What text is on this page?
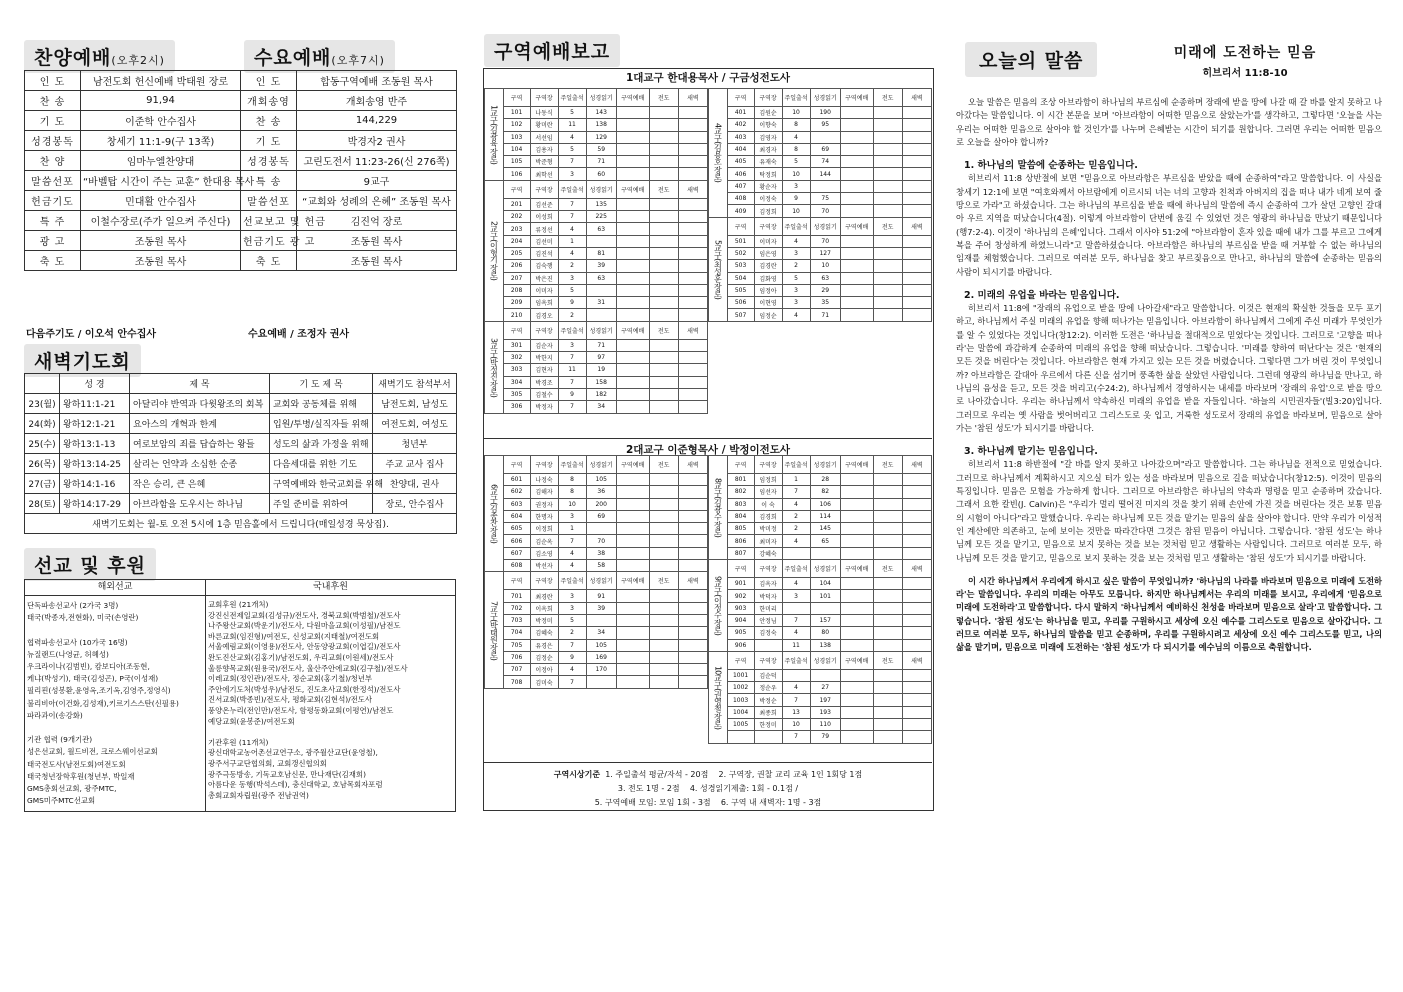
찬양예배(오후2시)	수요예배(오후7시)
인 도	남전도회 헌신예배 박태원 장로	인 도	합동구역예배 조동원 목사
찬 송	91,94	개회송영	개회송영 반주
기 도	이준학 안수집사	찬 송	144,229
성경봉독	창세기 11:1-9(구 13쪽)	기 도	박경자2 권사
찬 양	임마누엘찬양대	성경봉독	고린도전서 11:23-26(신 276쪽)
말씀선포	“바벨탑 시간이 주는 교훈” 한대용 목사	특 송	9교구
헌금기도	민대활 안수집사	말씀선포	“교회와 성례의 은혜” 조동원 목사
특 주	이철수장로(주가 일으켜 주신다)	선교보고 및 헌금	김진억 장로
광 고	조동원 목사	헌금기도 광 고	조동원 목사
축 도	조동원 목사	축 도	조동원 목사
다음주기도 / 이오석 안수집사	수요예배 / 조정자 권사
새벽기도회
	성 경	제 목	기 도 제 목	새벽기도 참석부서
23(월)	왕하11:1-21	아달리야 반역과 다윗왕조의 회복	교회와 공동체를 위해	남전도회, 남성도
24(화)	왕하12:1-21	요아스의 개혁과 한계	입원/투병/실직자들 위해	여전도회, 여성도
25(수)	왕하13:1-13	여로보암의 죄를 답습하는 왕들	성도의 삶과 가정을 위해	청년부
26(목)	왕하13:14-25	살리는 언약과 소심한 순종	다음세대를 위한 기도	주교 교사 집사
27(금)	왕하14:1-16	작은 승리, 큰 은혜	구역예배와 한국교회를 위해	찬양대, 권사
28(토)	왕하14:17-29	아브라함을 도우시는 하나님	주일 준비를 위하여	장로, 안수집사
새벽기도회는 월-토 오전 5시에 1층 믿음홀에서 드립니다(매일성경 묵상집).				
선교 및 후원
해외선교	국내후원
단독파송선교사 (2가국 3명)
태국(박종자,전현화), 미국(손영란)

협력파송선교사 (10가국 16명)
뉴질랜드(나영균, 허혜성)
우크라이나(김범빈), 캄보디아(조동현,
케냐(박성기), 태국(김성곤), P국(이성재)
필리핀(성봉환,윤영옥,조기옥,김영주,정영식)
불리비아(이건화,김성재),키르기스스탄(신필용)
파라과이(송강화)

기관 협력 (9개기관)
성은선교회, 월드비전, 크로스웨이선교회
태국전도사(남전도회)여전도회
태국청년장학후원(청년부, 박일재
GMS총회선교회, 광주MTC,
GMS미주MTC선교회
교회후원 (21개처)
강진신전제일교회(김성규)/전도사, 경북교회(박범철)/전도사
나주왕산교회(박운기)/전도사, 다원마을교회(이성필)/남전도
바른교회(임진형)/여전도, 신성교회(지태철)/여전도회
서울예림교회(이영용)/전도사, 안동양광교회(이엽길)/전도사
완도진산교회(김홍기)/남전도회, 우리교회(이원세)/전도사
울릉향목교회(원용국)/전도사, 울산주안에교회(김구철)/전도사
이레교회(정인관)/전도사, 정순교회(홍기철)/청년부
주안에기도처(박성우)/남전도, 진도초사교회(한정석)/전도사
진서교회(박종빈)/전도사, 평화교회(김현석)/전도사
풍양온누리(전인만)/전도사, 함평동화교회(이평연)/남전도
예당교회(윤봉준)/여전도회

기관후원 (11개처)
광신대학교농어촌선교연구소, 광주월산교단(윤영철),
광주서구교단협의회, 교회갱신협의회
광주극동방송, 기독교호남신문, 만나재단(김재희)
아름다운 동행(박석스데), 충신대학교, 호남목회자포럼
총회교회자립원(광주 전남권역)
구역예배보고
1대교구 한대용목사 / 구금성전도사
1교구(김광육 장로)	구역	구역장	주일출석	성경읽기	구역예배	전도	새벽
	101	나동식	5	143			
	102	황미란	11	138			
	103	서선임	4	129			
	104	김용자	5	59			
	105	박준형	7	71			
	106	최학선	3	60			
2교구(이형기 장로)	구역	구역장	주일출석	성경읽기	구역예배	전도	새벽
	201	김선준	7	135			
	202	이성희	7	225			
	203	류정선	4	63			
	204	김선미	1				
	205	김진석	4	81			
	206	김숙행	2	39			
	207	박은진	3	63			
	208	이미자	5				
	209	임옥희	9	31			
	210	김경오	2				
3교구(박정진 장로)	구역	구역장	주일출석	성경읽기	구역예배	전도	새벽
	301	김순자	3	71			
	302	박한지	7	97			
	303	김현자	11	19			
	304	박경조	7	158			
	305	김철수	9	182			
	306	박정자	7	34			
4교구(김용호 장로)	구역	구역장	주일출석	성경읽기	구역예배	전도	새벽
	401	김원순	10	190			
	402	이향숙	8	95			
	403	김영자	4				
	404	최경자	8	69			
	405	유재숙	5	74			
	406	탁정희	10	144			
	407	황순자	3				
	408	이정숙	9	75			
	409	김정희	10	70			
5교구(최성훈 장로)	구역	구역장	주일출석	성경읽기	구역예배	전도	새벽
	501	이미자	4	70			
	502	임은영	3	127			
	503	김경란	2	10			
	504	김화영	5	63			
	505	임정아	3	29			
	506	이현영	3	35			
	507	임정순	4	71			
2대교구 이준형목사 / 박정이전도사
6교구(김종찬 장로)	구역	구역장	주일출석	성경읽기	구역예배	전도	새벽
	601	나정숙	8	105			
	602	김해자	8	36			
	603	권정자	10	200			
	604	한명자	3	69			
	605	이정희	1				
	606	김순옥	7	70			
	607	김소영	4	38			
	608	박선자	4	58			
7교구(박태원 장로)	구역	구역장	주일출석	성경읽기	구역예배	전도	새벽
	701	최경란	3	91			
	702	이옥희	3	39			
	703	박정미	5				
	704	김혜숙	2	34			
	705	유경은	7	105			
	706	김정순	9	169			
	707	이정아	4	170			
	708	김미숙	7				
8교구(김광수 장로)	구역	구역장	주일출석	성경읽기	구역예배	전도	새벽
	801	임정희	1	28			
	802	임선자	7	82			
	803	이 숙	4	106			
	804	김경희	2	114			
	805	박미정	2	145			
	806	최미자	4	65			
	807	강혜숙					
9교구(이정수 장로)	구역	구역장	주일출석	성경읽기	구역예배	전도	새벽
	901	김옥자	4	104			
	902	박덕자	3	101			
	903	한미리					
	904	안정님	7	157			
	905	김정숙	4	80			
	906		11	138			
10교구(권영철 장로)	구역	구역장	주일출석	성경읽기	구역예배	전도	새벽
	1001	김순덕					
	1002	정순우	4	27			
	1003	박정순	7	197			
	1004	최종희	13	193			
	1005	한정미	10	110			
			7	79			
구역시상기준 1. 주일출석 평균/자석 - 20점 2. 구역장, 권찰 교리 교육 1인 1회당 1점
3. 전도 1명 - 2점 4. 성경읽기제출: 1회 - 0.1점 /
5. 구역예배 모임: 모임 1회 - 3점 6. 구역 내 새벽자: 1명 - 3점
오늘의 말씀	미래에 도전하는 믿음
히브리서 11:8-10

오늘 말씀은 믿음의 조상 아브라함이 하나님의 부르심에 순종하며 장래에 받을 땅에 나갈 때 갈 바를 알지 못하고 나아갔다는 말씀입니다. 이 시간 본문을 보며 '아브라함이 어떠한 믿음으로 살았는가'를 생각하고, 그렇다면 '오늘을 사는 우리는 어떠한 믿음으로 살아야 할 것인가'를 나누며 은혜받는 시간이 되기를 원합니다. 그러면 우리는 어떠한 믿음으로 오늘을 살아야 합니까?

1. 하나님의 말씀에 순종하는 믿음입니다.

히브리서 11:8 상반절에 보면 "믿음으로 아브라함은 부르심을 받았을 때에 순종하여"라고 말씀합니다. 이 사실을 창세기 12:1에 보면 "여호와께서 아브람에게 이르시되 너는 너의 고향과 친척과 아버지의 집을 떠나 내가 네게 보여 줄 땅으로 가라"고 하셨습니다. 그는 하나님의 부르심을 받을 때에 하나님의 말씀에 즉시 순종하여 그가 살던 고향인 갈대아 우르 지역을 떠났습니다(4절). 이렇게 아브라함이 단번에 움길 수 있었던 것은 영광의 하나님을 만났기 때문입니다(행7:2-4). 이것이 '하나님의 은혜'입니다. 그래서 이사야 51:2에 "아브라함이 혼자 있을 때에 내가 그를 부르고 그에게 복을 주어 창성하게 하였느니라"고 말씀하셨습니다. 아브라함은 하나님의 부르심을 받을 때 거부할 수 없는 하나님의 임재를 체험했습니다. 그러므로 여러분 모두, 하나님을 찾고 부르짖음으로 만나고, 하나님의 말씀에 순종하는 믿음의 사람이 되시기를 바랍니다.

2. 미래의 유업을 바라는 믿음입니다.

히브리서 11:8에 "장래의 유업으로 받을 땅에 나아갈새"라고 말씀합니다. 이것은 현재의 확실한 것들을 모두 포기하고, 하나님께서 주실 미래의 유업을 향해 떠나가는 믿음입니다. 아브라함이 하나님께서 그에게 주신 미래가 무엇인가를 알 수 있었다는 것입니다(창12:2). 이러한 도전은 '하나님을 절대적으로 믿었다'는 것입니다. 그러므로 '고향을 떠나라'는 말씀에 과감하게 순종하여 미래의 유업을 향해 떠났습니다. 그렇습니다. '미래를 향하여 떠난다'는 것은 '현재의 모든 것을 버린다'는 것입니다. 아브라함은 현재 가지고 있는 모든 것을 버렸습니다. 그렇다면 그가 버린 것이 무엇입니까? 아브라함은 갈대아 우르에서 다른 신을 섬기며 풍족한 삶을 살았던 사람입니다. 그런데 영광의 하나님을 만나고, 하나님의 음성을 듣고, 모든 것을 버리고(수24:2), 하나님께서 경영하시는 내세를 바라보며 '장래의 유업'으로 받을 땅으로 나아갔습니다. 우리는 하나님께서 약속하신 미래의 유업을 받을 자들입니다. '하늘의 시민권자들'(빌3:20)입니다. 그러므로 우리는 옛 사람을 벗어버리고 그리스도로 옷 입고, 거룩한 성도로서 장래의 유업을 바라보며, 믿음으로 살아가는 '참된 성도'가 되시기를 바랍니다.

3. 하나님께 맡기는 믿음입니다.

히브리서 11:8 하반절에 "갈 바를 알지 못하고 나아갔으며"라고 말씀합니다. 그는 하나님을 전적으로 믿었습니다. 그러므로 하나님께서 계획하시고 지으실 터가 있는 성을 바라보며 믿음으로 길을 떠났습니다(창12:5). 이것이 믿음의 특징입니다. 믿음은 모험을 가능하게 합니다. 그러므로 아브라함은 하나님의 약속과 명령을 믿고 순종하며 갔습니다. 그래서 요한 칼빈(J. Calvin)은 "우리가 멀리 떨어진 미지의 것을 찾기 위해 손안에 가진 것을 버린다는 것은 보통 믿음의 시험이 아니다"라고 말했습니다. 우리는 하나님께 모든 것을 맡기는 믿음의 삶을 살아야 합니다. 만약 우리가 이성적인 계산에만 의존하고, 눈에 보이는 것만을 따라간다면 그것은 참된 믿음이 아닙니다. 그렇습니다. '참된 성도'는 하나님께 모든 것을 맡기고, 믿음으로 보지 못하는 것을 보는 것처럼 믿고 생활하는 사람입니다. 그러므로 여러분 모두, 하나님께 모든 것을 맡기고, 믿음으로 보지 못하는 것을 보는 것처럼 믿고 생활하는 '참된 성도'가 되시기를 바랍니다.

이 시간 하나님께서 우리에게 하시고 싶은 말씀이 무엇입니까? '하나님의 나라를 바라보며 믿음으로 미래에 도전하라'는 말씀입니다. 우리의 미래는 아무도 모릅니다. 하지만 하나님께서는 우리의 미래를 보시고, 우리에게 '믿음으로 미래에 도전하라'고 말씀합니다. 다시 말하지 '하나님께서 예비하신 천성을 바라보며 믿음으로 살라'고 말씀합니다. 그렇습니다. '참된 성도'는 하나님을 믿고, 우리를 구원하시고 세상에 오신 예수를 그리스도로 믿음으로 살아갑니다. 그러므로 여러분 모두, 하나님의 말씀을 믿고 순종하며, 우리를 구원하시려고 세상에 오신 예수 그리스도를 믿고, 나의 삶을 맡기며, 믿음으로 미래에 도전하는 '참된 성도'가 다 되시기를 예수님의 이름으로 축원합니다.
